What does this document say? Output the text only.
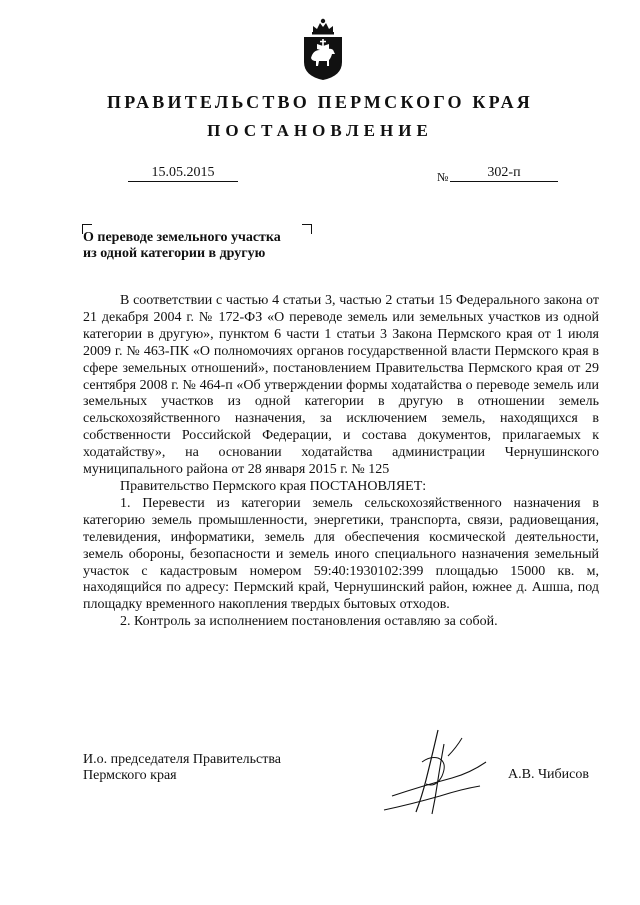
ПРАВИТЕЛЬСТВО ПЕРМСКОГО КРАЯ
ПОСТАНОВЛЕНИЕ
15.05.2015	№	302-п
О переводе земельного участка
из одной категории в другую

В соответствии с частью 4 статьи 3, частью 2 статьи 15 Федерального закона от 21 декабря 2004 г. № 172-ФЗ «О переводе земель или земельных участков из одной категории в другую», пунктом 6 части 1 статьи 3 Закона Пермского края от 1 июля 2009 г. № 463-ПК «О полномочиях органов государственной власти Пермского края в сфере земельных отношений», постановлением Правительства Пермского края от 29 сентября 2008 г. № 464-п «Об утверждении формы ходатайства о переводе земель или земельных участков из одной категории в другую в отношении земель сельскохозяйственного назначения, за исключением земель, находящихся в собственности Российской Федерации, и состава документов, прилагаемых к ходатайству», на основании ходатайства администрации Чернушинского муниципального района от 28 января 2015 г. № 125

Правительство Пермского края ПОСТАНОВЛЯЕТ:

1. Перевести из категории земель сельскохозяйственного назначения в категорию земель промышленности, энергетики, транспорта, связи, радиовещания, телевидения, информатики, земель для обеспечения космической деятельности, земель обороны, безопасности и земель иного специального назначения земельный участок с кадастровым номером 59:40:1930102:399 площадью 15000 кв. м, находящийся по адресу: Пермский край, Чернушинский район, южнее д. Ашша, под площадку временного накопления твердых бытовых отходов.

2. Контроль за исполнением постановления оставляю за собой.

И.о. председателя Правительства
Пермского края	А.В. Чибисов
